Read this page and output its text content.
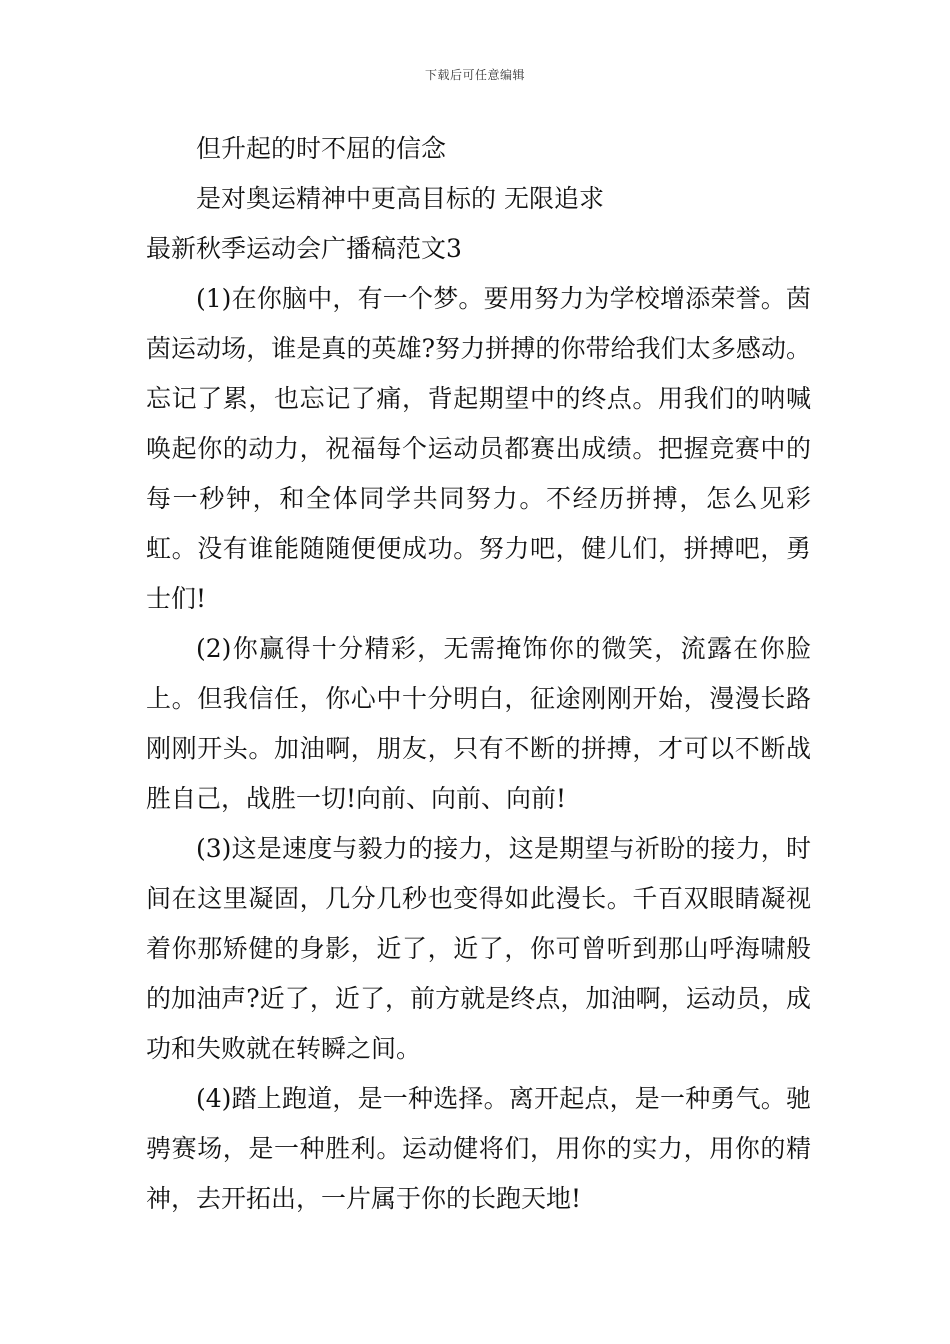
下载后可任意编辑

但升起的时不屈的信念

是对奥运精神中更高目标的 无限追求

最新秋季运动会广播稿范文3

(1)在你脑中，有一个梦。要用努力为学校增添荣誉。茵茵运动场，谁是真的英雄?努力拼搏的你带给我们太多感动。忘记了累，也忘记了痛，背起期望中的终点。用我们的呐喊唤起你的动力，祝福每个运动员都赛出成绩。把握竞赛中的每一秒钟，和全体同学共同努力。不经历拼搏，怎么见彩虹。没有谁能随随便便成功。努力吧，健儿们，拼搏吧，勇士们!

(2)你赢得十分精彩，无需掩饰你的微笑，流露在你脸上。但我信任，你心中十分明白，征途刚刚开始，漫漫长路刚刚开头。加油啊，朋友，只有不断的拼搏，才可以不断战胜自己，战胜一切!向前、向前、向前!

(3)这是速度与毅力的接力，这是期望与祈盼的接力，时间在这里凝固，几分几秒也变得如此漫长。千百双眼睛凝视着你那矫健的身影，近了，近了，你可曾听到那山呼海啸般的加油声?近了，近了，前方就是终点，加油啊，运动员，成功和失败就在转瞬之间。

(4)踏上跑道，是一种选择。离开起点，是一种勇气。驰骋赛场，是一种胜利。运动健将们，用你的实力，用你的精神，去开拓出，一片属于你的长跑天地!
